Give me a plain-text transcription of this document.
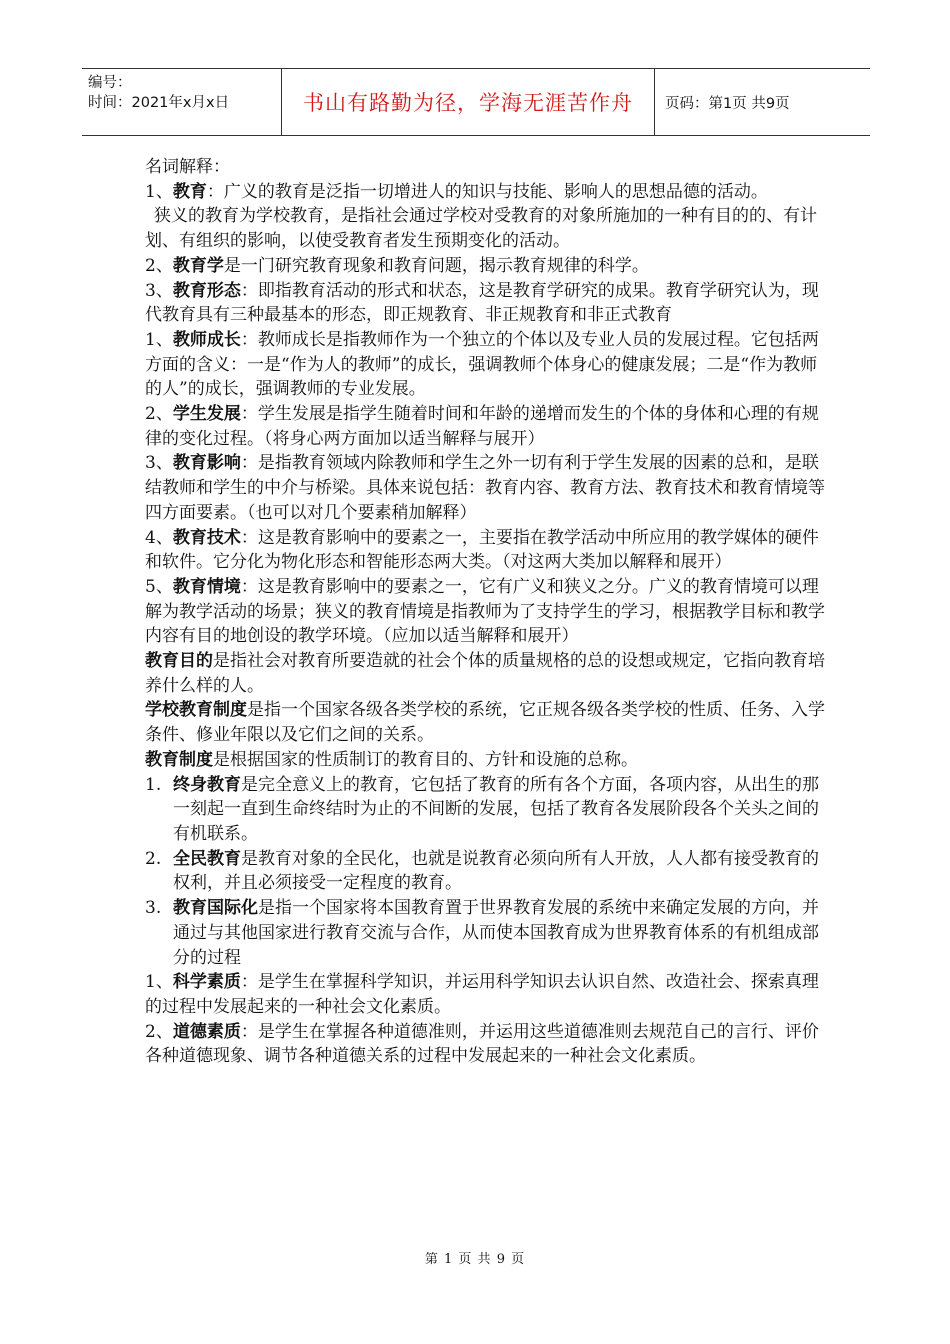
编号：
时间：2021年x月x日	书山有路勤为径，学海无涯苦作舟	页码：第1页 共9页

名词解释：

1、教育：广义的教育是泛指一切增进人的知识与技能、影响人的思想品德的活动。

狭义的教育为学校教育，是指社会通过学校对受教育的对象所施加的一种有目的的、有计划、有组织的影响，以使受教育者发生预期变化的活动。

2、教育学是一门研究教育现象和教育问题，揭示教育规律的科学。

3、教育形态：即指教育活动的形式和状态，这是教育学研究的成果。教育学研究认为，现代教育具有三种最基本的形态，即正规教育、非正规教育和非正式教育

1、教师成长：教师成长是指教师作为一个独立的个体以及专业人员的发展过程。它包括两方面的含义：一是“作为人的教师”的成长，强调教师个体身心的健康发展；二是“作为教师的人”的成长，强调教师的专业发展。

2、学生发展：学生发展是指学生随着时间和年龄的递增而发生的个体的身体和心理的有规律的变化过程。（将身心两方面加以适当解释与展开）

3、教育影响：是指教育领域内除教师和学生之外一切有利于学生发展的因素的总和，是联结教师和学生的中介与桥梁。具体来说包括：教育内容、教育方法、教育技术和教育情境等四方面要素。（也可以对几个要素稍加解释）

4、教育技术：这是教育影响中的要素之一，主要指在教学活动中所应用的教学媒体的硬件和软件。它分化为物化形态和智能形态两大类。（对这两大类加以解释和展开）

5、教育情境：这是教育影响中的要素之一，它有广义和狭义之分。广义的教育情境可以理解为教学活动的场景；狭义的教育情境是指教师为了支持学生的学习，根据教学目标和教学内容有目的地创设的教学环境。（应加以适当解释和展开）

教育目的是指社会对教育所要造就的社会个体的质量规格的总的设想或规定，它指向教育培养什么样的人。

学校教育制度是指一个国家各级各类学校的系统，它正规各级各类学校的性质、任务、入学条件、修业年限以及它们之间的关系。

教育制度是根据国家的性质制订的教育目的、方针和设施的总称。

1. 终身教育是完全意义上的教育，它包括了教育的所有各个方面，各项内容，从出生的那一刻起一直到生命终结时为止的不间断的发展，包括了教育各发展阶段各个关头之间的有机联系。
2. 全民教育是教育对象的全民化，也就是说教育必须向所有人开放，人人都有接受教育的权利，并且必须接受一定程度的教育。
3. 教育国际化是指一个国家将本国教育置于世界教育发展的系统中来确定发展的方向，并通过与其他国家进行教育交流与合作，从而使本国教育成为世界教育体系的有机组成部分的过程

1、科学素质：是学生在掌握科学知识，并运用科学知识去认识自然、改造社会、探索真理的过程中发展起来的一种社会文化素质。

2、道德素质：是学生在掌握各种道德准则，并运用这些道德准则去规范自己的言行、评价各种道德现象、调节各种道德关系的过程中发展起来的一种社会文化素质。

第 1 页 共 9 页
